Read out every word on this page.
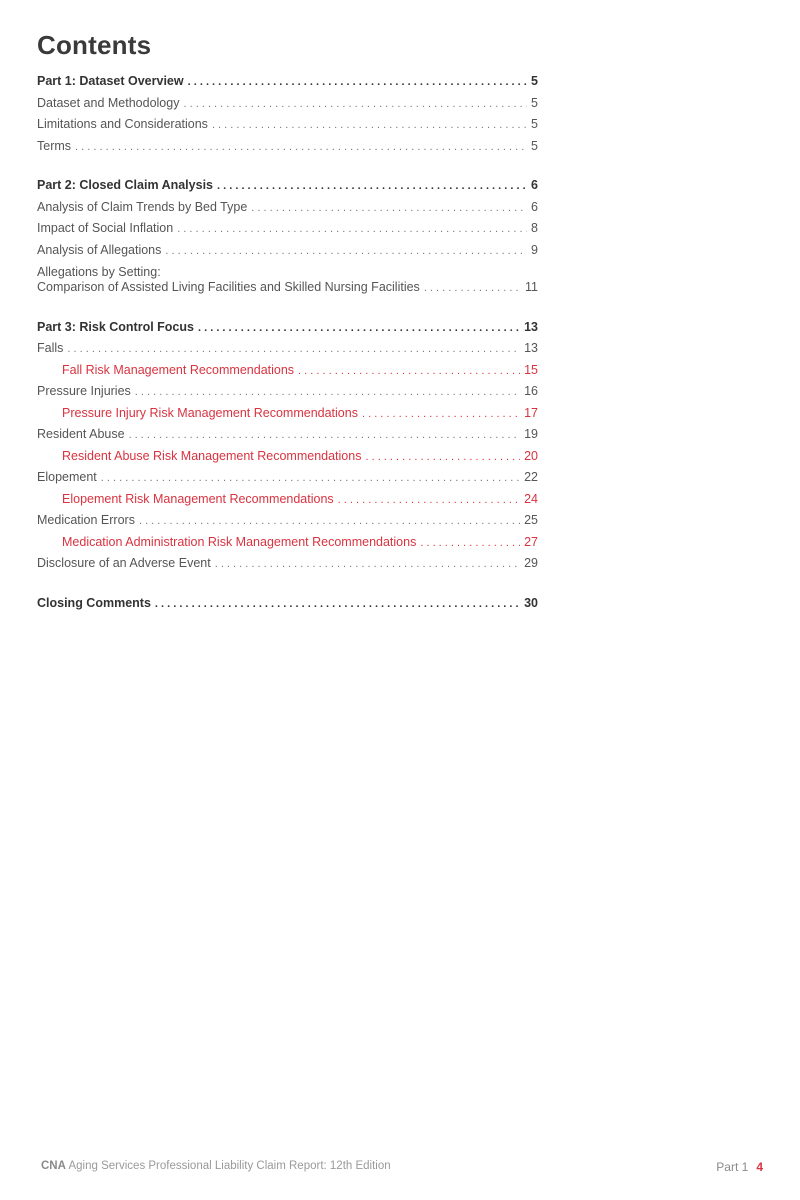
Contents
Part 1: Dataset Overview . . .	5
Dataset and Methodology . . .	5
Limitations and Considerations . . .	5
Terms . . .	5
Part 2: Closed Claim Analysis . . .	6
Analysis of Claim Trends by Bed Type . . .	6
Impact of Social Inflation . . .	8
Analysis of Allegations . . .	9
Allegations by Setting:
Comparison of Assisted Living Facilities and Skilled Nursing Facilities . . .	11
Part 3: Risk Control Focus . . .	13
Falls . . .	13
Fall Risk Management Recommendations . . .	15
Pressure Injuries . . .	16
Pressure Injury Risk Management Recommendations . . .	17
Resident Abuse . . .	19
Resident Abuse Risk Management Recommendations . . .	20
Elopement . . .	22
Elopement Risk Management Recommendations . . .	24
Medication Errors . . .	25
Medication Administration Risk Management Recommendations . . .	27
Disclosure of an Adverse Event . . .	29
Closing Comments . . .	30
CNA Aging Services Professional Liability Claim Report: 12th Edition	Part 1 4
